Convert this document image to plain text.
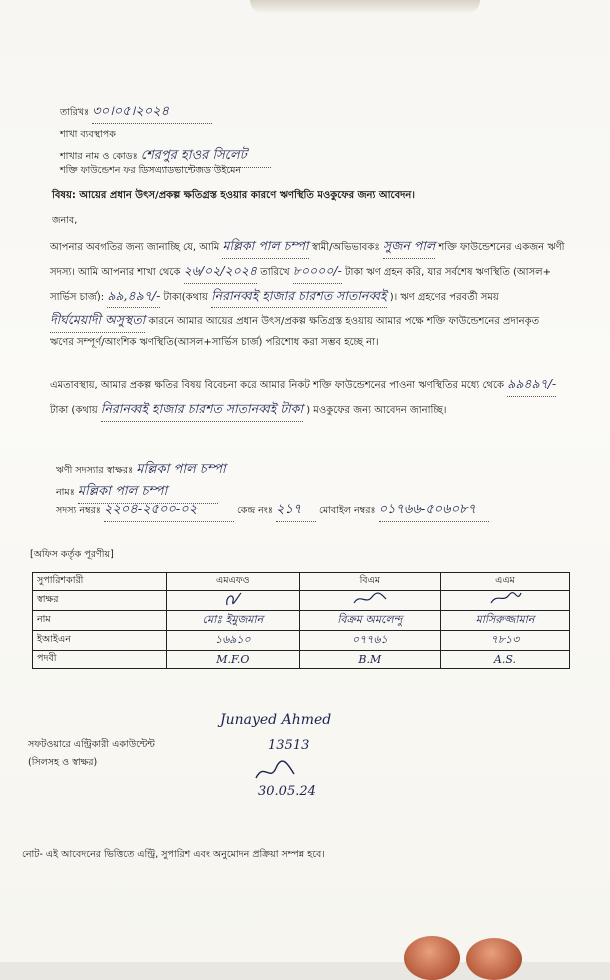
তারিখঃ ৩০।০৫।২০২৪
শাখা ব্যবস্থাপক
শাখার নাম ও কোডঃ শেরপুর হাওর সিলেট
শক্তি ফাউন্ডেশন ফর ডিসএ্যাডভান্টেজড উইমেন
বিষয়: আয়ের প্রধান উৎস/প্রকল্প ক্ষতিগ্রস্ত হওয়ার কারণে ঋণস্থিতি মওকুফের জন্য আবেদন।
জনাব,
আপনার অবগতির জন্য জানাচ্ছি যে, আমি মল্লিকা পাল চম্পা স্বামী/অভিভাবকঃ সুজন পাল শক্তি ফাউন্ডেশনের একজন ঋণী সদস্য। আমি আপনার শাখা থেকে ২৬/০২/২০২৪ তারিখে ৮০০০০/- টাকা ঋণ গ্রহন করি, যার সর্বশেষ ঋণস্থিতি (আসল+ সার্ভিস চার্জ): ৯৯,৪৯৭/- টাকা(কথায় নিরানব্বই হাজার চারশত সাতানব্বই )। ঋণ গ্রহণের পরবর্তী সময় দীর্ঘমেয়াদী অসুস্থতা কারনে আমার আয়ের প্রধান উৎস/প্রকল্প ক্ষতিগ্রস্ত হওয়ায় আমার পক্ষে শক্তি ফাউন্ডেশনের প্রদানকৃত ঋণের সম্পূর্ণ/আংশিক ঋণস্থিতি(আসল+সার্ভিস চার্জ) পরিশোধ করা সম্ভব হচ্ছে না।
এমতাবস্থায়, আমার প্রকল্প ক্ষতির বিষয় বিবেচনা করে আমার নিকট শক্তি ফাউন্ডেশনের পাওনা ঋণস্থিতির মধ্যে থেকে ৯৯৪৯৭/- টাকা (কথায় নিরানব্বই হাজার চারশত সাতানব্বই টাকা ) মওকুফের জন্য আবেদন জানাচ্ছি।
ঋণী সদস্যার স্বাক্ষরঃ মল্লিকা পাল চম্পা
নামঃ মল্লিকা পাল চম্পা
সদস্য নম্বরঃ ২২০৪-২৫০০-০২	কেন্দ্র নংঃ ২১৭ মোবাইল নম্বরঃ ০১৭৬৬-৫০৬০৮৭
[অফিস কর্তৃক পূরণীয়]
সুপারিশকারী	এমএফও	বিএম	এএম
স্বাক্ষর			
নাম	মোঃ ইমুজমান	বিক্রম অমলেন্দু	মাসিরুজ্জামান
ইআইএন	১৬৯১০	০৭৭৬১	৭৮১৩
পদবী	M.F.O	B.M	A.S.
সফটওয়ারে এন্ট্রিকারী একাউন্টেন্ট
(সিলসহ ও স্বাক্ষর)
Junayed Ahmed
13513
30.05.24
নোট- এই আবেদনের ভিত্তিতে এন্ট্রি, সুপারিশ এবং অনুমোদন প্রক্রিয়া সম্পন্ন হবে।
